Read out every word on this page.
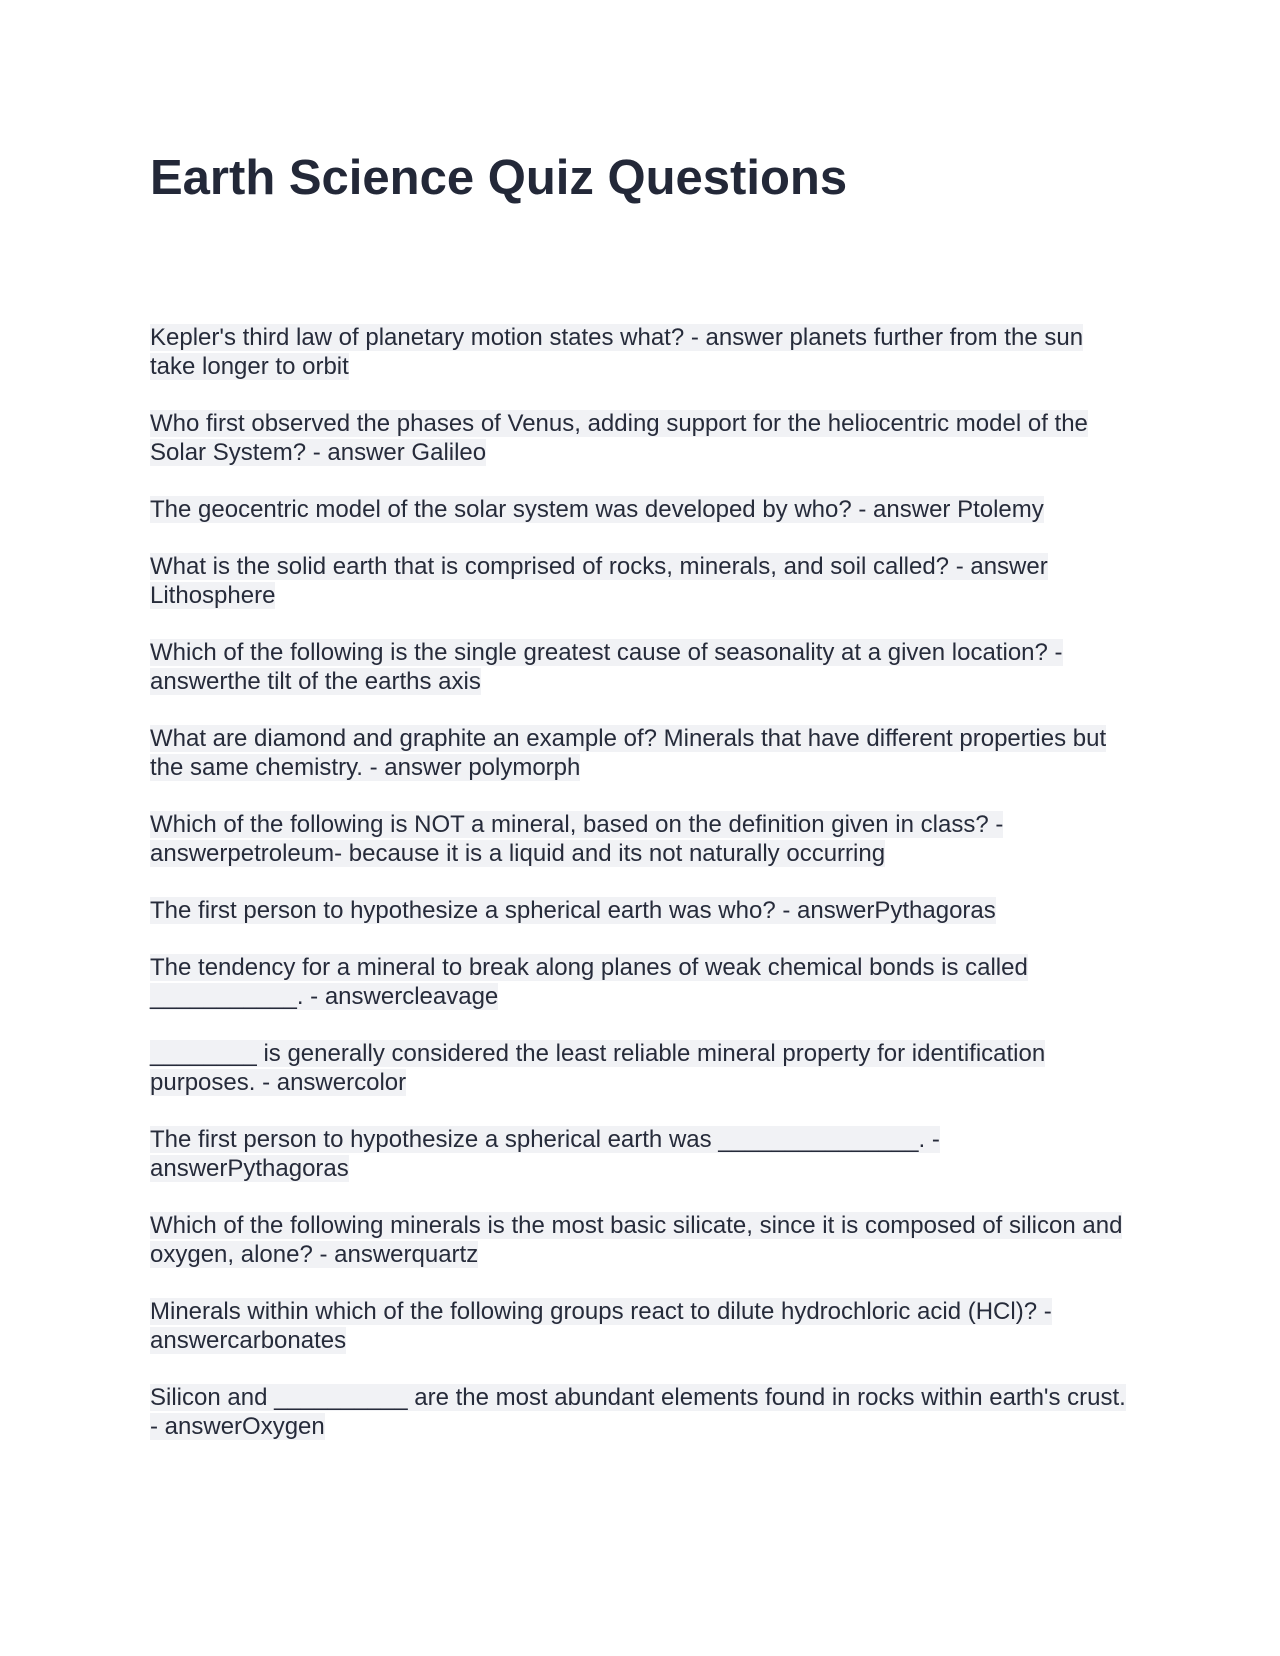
Earth Science Quiz Questions

Kepler's third law of planetary motion states what? - answer planets further from the sun take longer to orbit

Who first observed the phases of Venus, adding support for the heliocentric model of the Solar System? - answer Galileo

The geocentric model of the solar system was developed by who? - answer Ptolemy

What is the solid earth that is comprised of rocks, minerals, and soil called? - answer Lithosphere

Which of the following is the single greatest cause of seasonality at a given location? - answerthe tilt of the earths axis

What are diamond and graphite an example of? Minerals that have different properties but the same chemistry. - answer polymorph

Which of the following is NOT a mineral, based on the definition given in class? - answerpetroleum- because it is a liquid and its not naturally occurring

The first person to hypothesize a spherical earth was who? - answerPythagoras

The tendency for a mineral to break along planes of weak chemical bonds is called ___________. - answercleavage

________ is generally considered the least reliable mineral property for identification purposes. - answercolor

The first person to hypothesize a spherical earth was _______________. - answerPythagoras

Which of the following minerals is the most basic silicate, since it is composed of silicon and oxygen, alone? - answerquartz

Minerals within which of the following groups react to dilute hydrochloric acid (HCl)? - answercarbonates

Silicon and __________ are the most abundant elements found in rocks within earth's crust. - answerOxygen
